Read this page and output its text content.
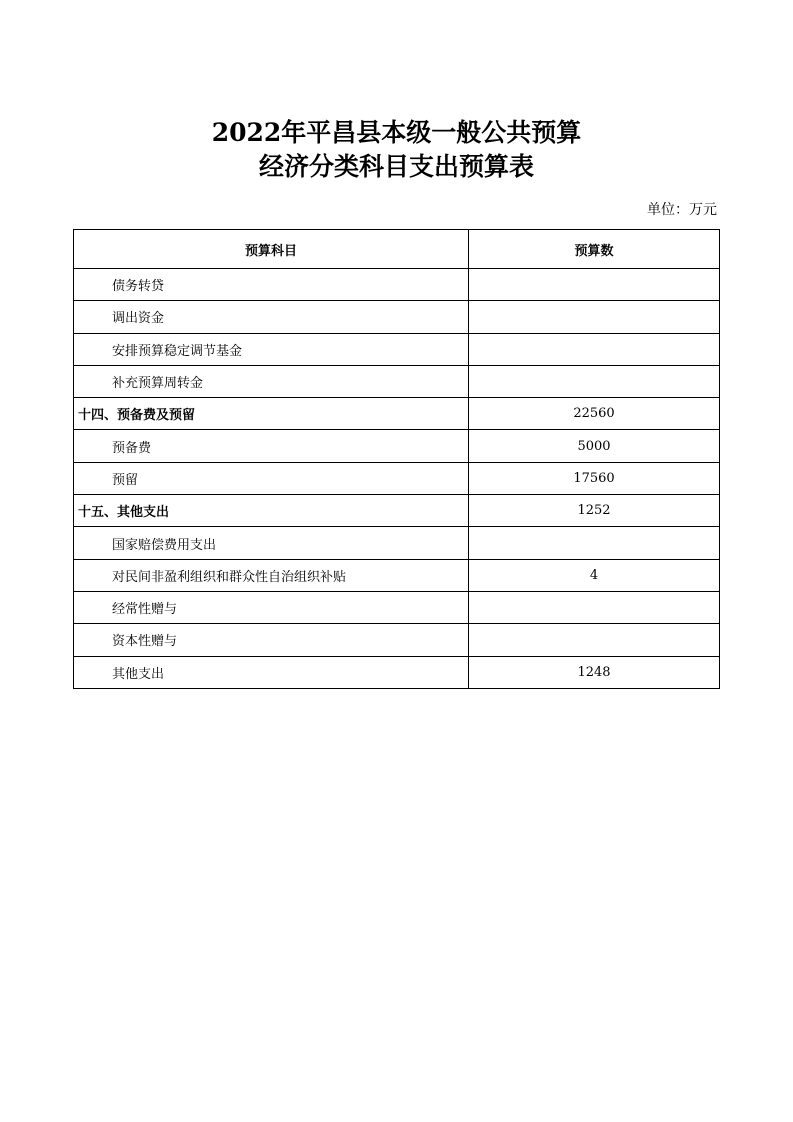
2022年平昌县本级一般公共预算
经济分类科目支出预算表
单位：万元
预算科目	预算数
债务转贷	
调出资金	
安排预算稳定调节基金	
补充预算周转金	
十四、预备费及预留	22560
预备费	5000
预留	17560
十五、其他支出	1252
国家赔偿费用支出	
对民间非盈利组织和群众性自治组织补贴	4
经常性赠与	
资本性赠与	
其他支出	1248
